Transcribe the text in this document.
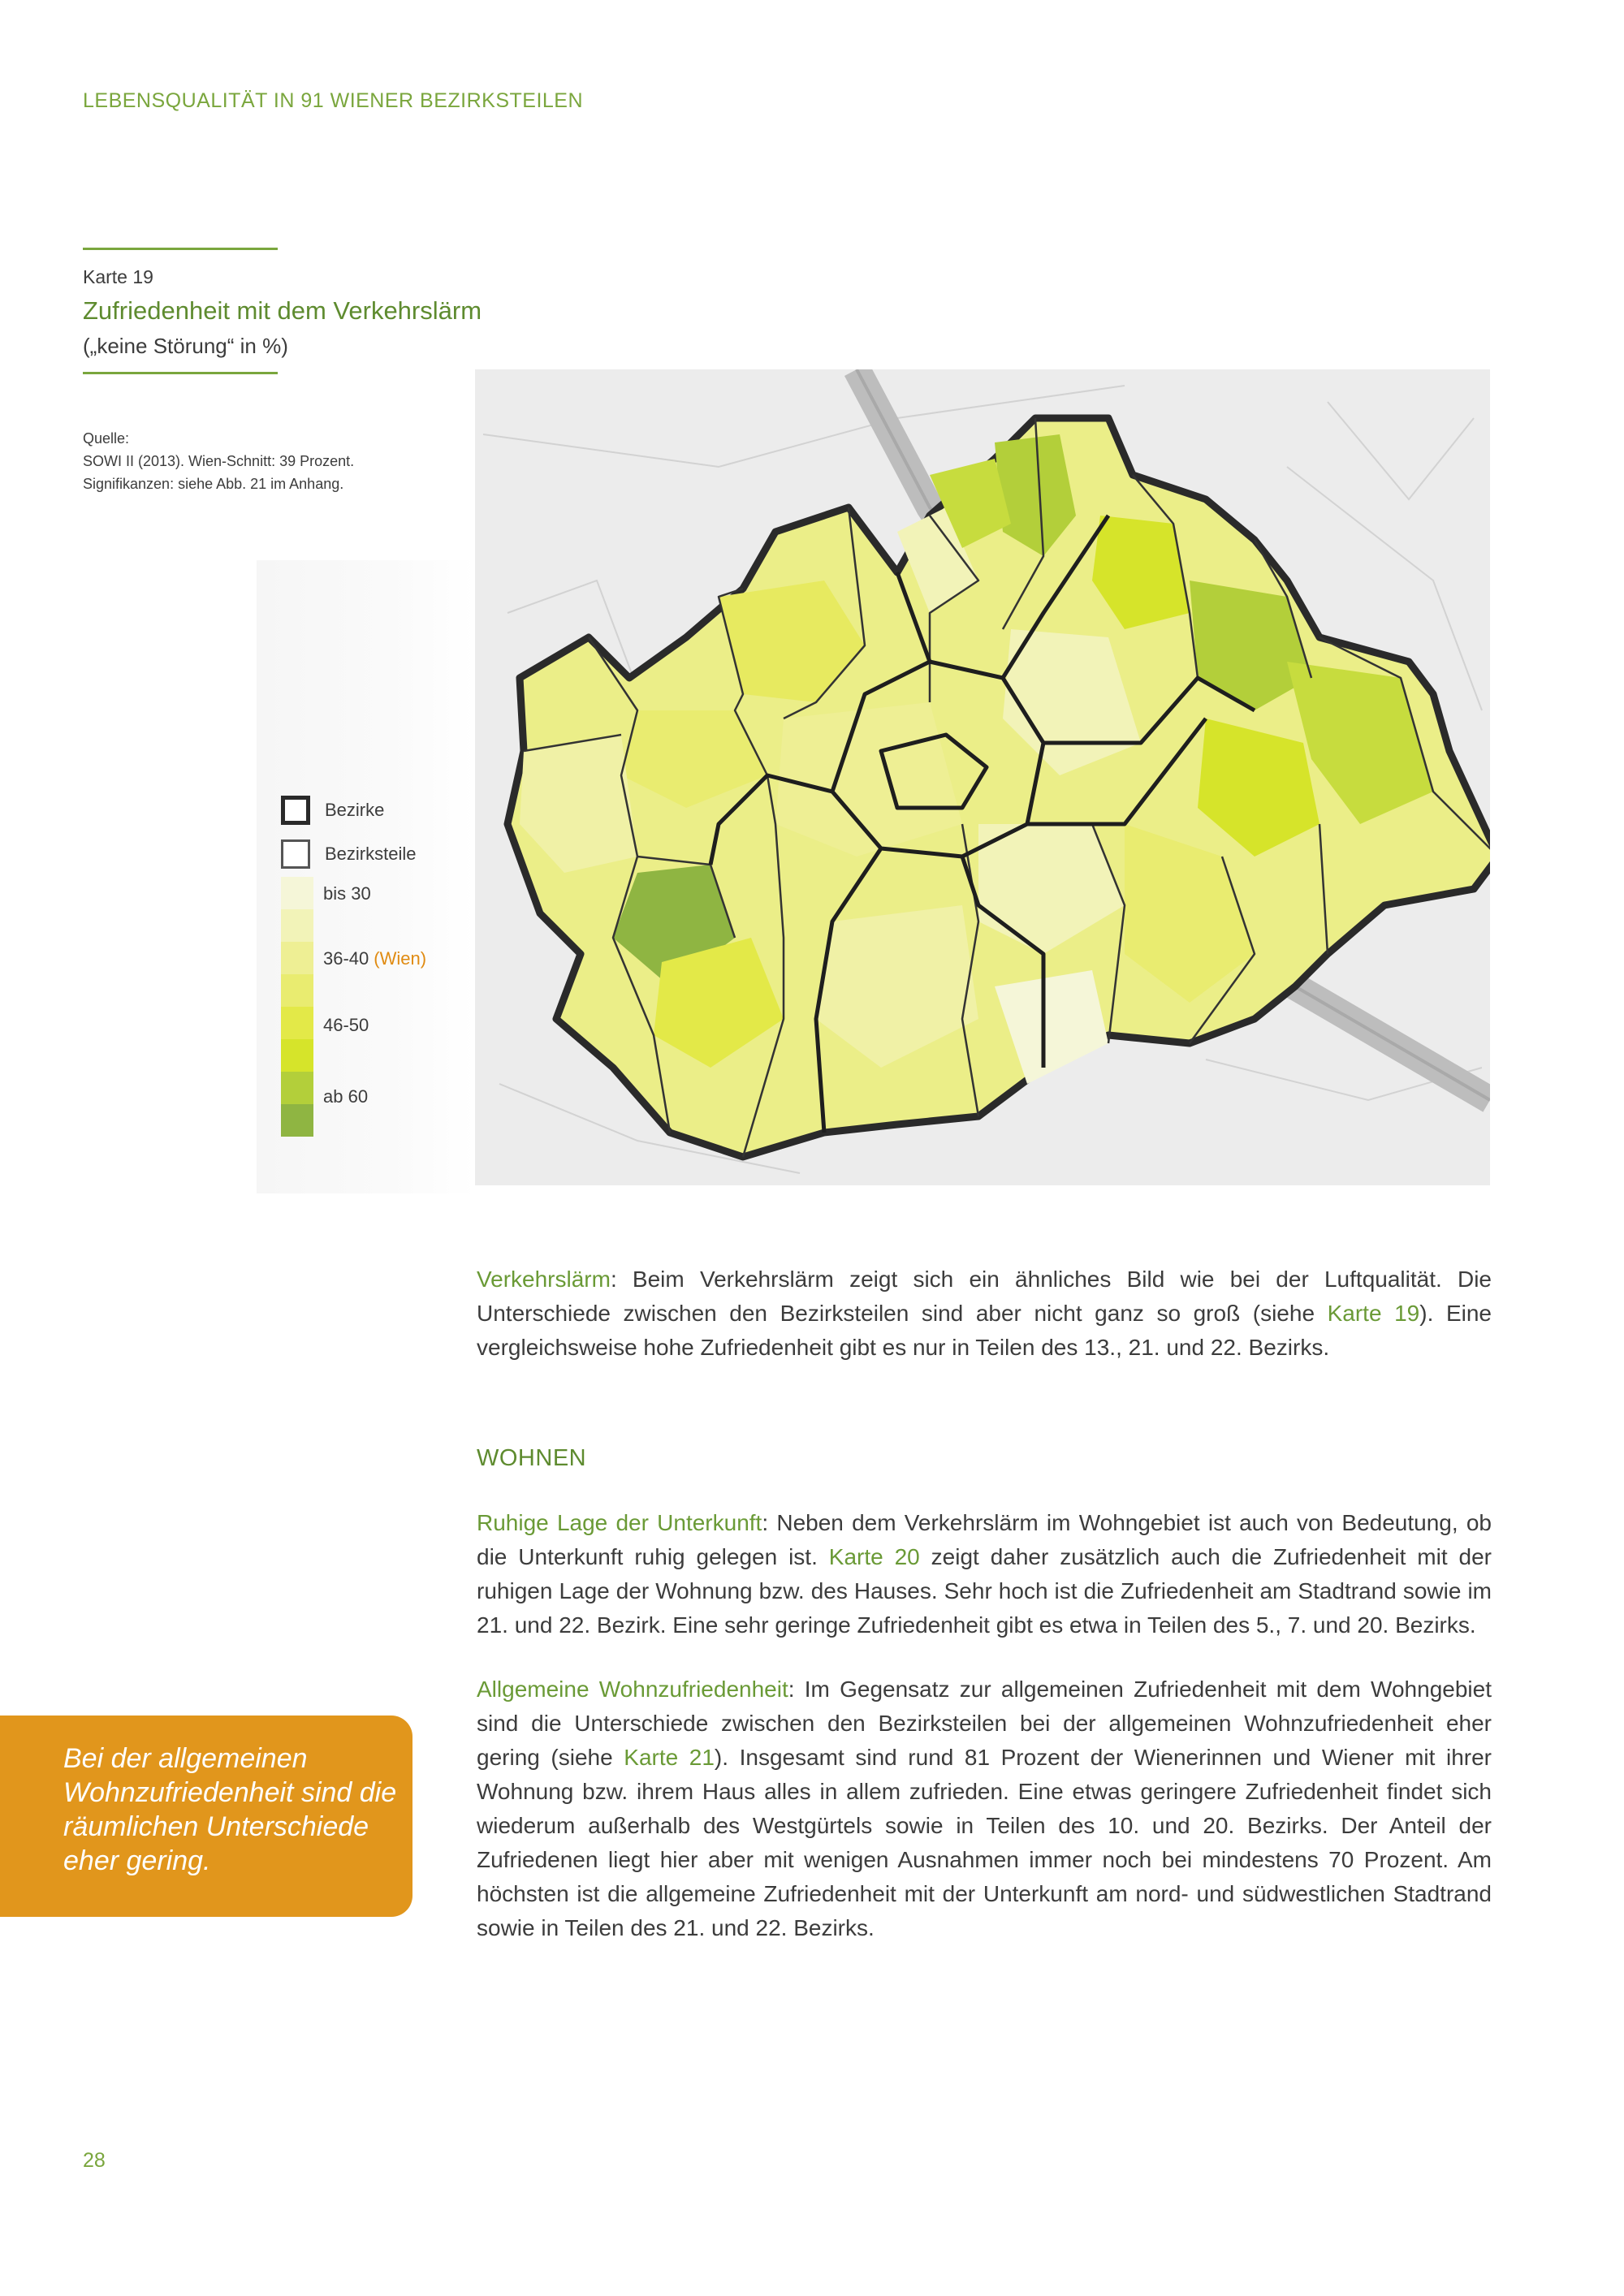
LEBENSQUALITÄT IN 91 WIENER BEZIRKSTEILEN
Karte 19
Zufriedenheit mit dem Verkehrslärm
(„keine Störung“ in %)
Quelle:
SOWI II (2013). Wien-Schnitt: 39 Prozent.
Signifikanzen: siehe Abb. 21 im Anhang.
Bezirke
Bezirksteile
bis 30
36-40 (Wien)
46-50
ab 60
Verkehrslärm: Beim Verkehrslärm zeigt sich ein ähnliches Bild wie bei der Luftqualität. Die Unterschiede zwischen den Bezirksteilen sind aber nicht ganz so groß (siehe Karte 19). Eine vergleichsweise hohe Zufriedenheit gibt es nur in Teilen des 13., 21. und 22. Bezirks.
WOHNEN
Ruhige Lage der Unterkunft: Neben dem Verkehrslärm im Wohngebiet ist auch von Bedeutung, ob die Unterkunft ruhig gelegen ist. Karte 20 zeigt daher zusätzlich auch die Zufriedenheit mit der ruhigen Lage der Wohnung bzw. des Hauses. Sehr hoch ist die Zufriedenheit am Stadtrand sowie im 21. und 22. Bezirk. Eine sehr geringe Zufriedenheit gibt es etwa in Teilen des 5., 7. und 20. Bezirks.
Allgemeine Wohnzufriedenheit: Im Gegensatz zur allgemeinen Zufriedenheit mit dem Wohngebiet sind die Unterschiede zwischen den Bezirksteilen bei der allgemeinen Wohnzufriedenheit eher gering (siehe Karte 21). Insgesamt sind rund 81 Prozent der Wienerinnen und Wiener mit ihrer Wohnung bzw. ihrem Haus alles in allem zufrieden. Eine etwas geringere Zufriedenheit findet sich wiederum außerhalb des Westgürtels sowie in Teilen des 10. und 20. Bezirks. Der Anteil der Zufriedenen liegt hier aber mit wenigen Ausnahmen immer noch bei mindestens 70 Prozent. Am höchsten ist die allgemeine Zufriedenheit mit der Unterkunft am nord- und südwestlichen Stadtrand sowie in Teilen des 21. und 22. Bezirks.
Bei der allgemeinen Wohnzufriedenheit sind die räumlichen Unterschiede eher gering.
28
